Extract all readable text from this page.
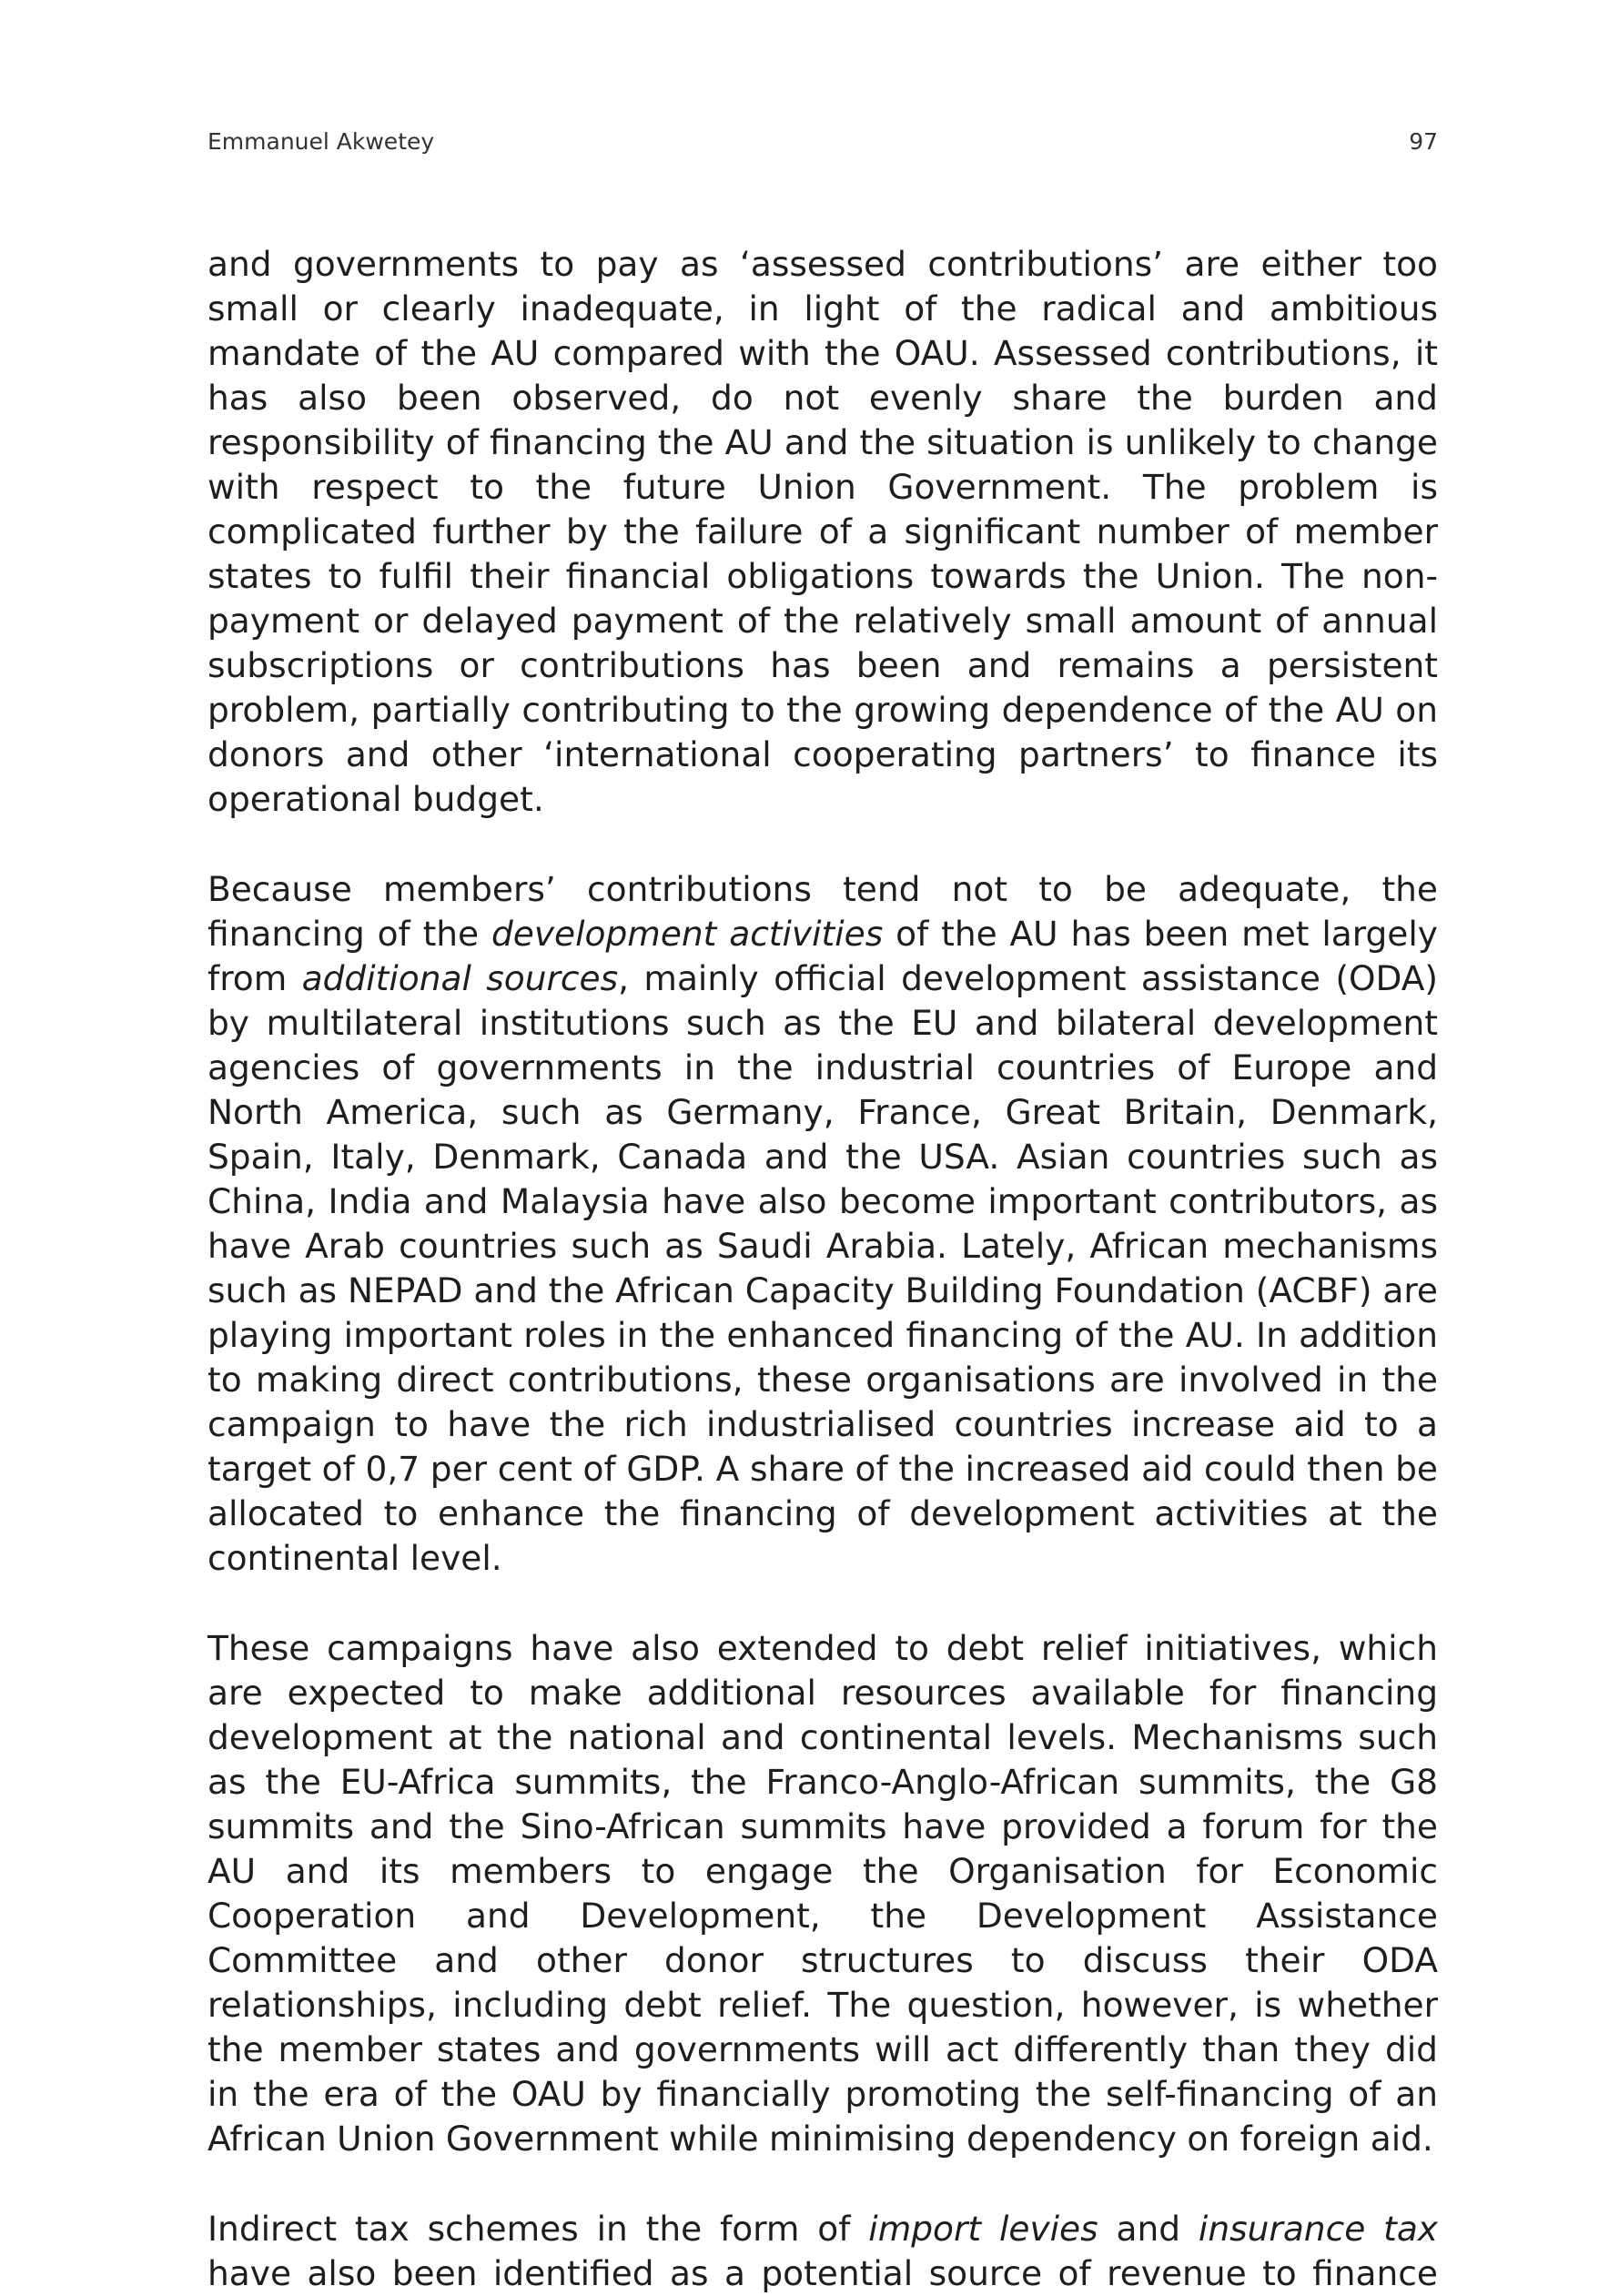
Emmanuel Akwetey	97

and governments to pay as ‘assessed contributions’ are either too small or clearly inadequate, in light of the radical and ambitious mandate of the AU compared with the OAU. Assessed contributions, it has also been observed, do not evenly share the burden and responsibility of financing the AU and the situation is unlikely to change with respect to the future Union Government. The problem is complicated further by the failure of a significant number of member states to fulfil their financial obligations towards the Union. The non-payment or delayed payment of the relatively small amount of annual subscriptions or contributions has been and remains a persistent problem, partially contributing to the growing dependence of the AU on donors and other ‘international cooperating partners’ to finance its operational budget.

Because members’ contributions tend not to be adequate, the financing of the development activities of the AU has been met largely from additional sources, mainly official development assistance (ODA) by multilateral institutions such as the EU and bilateral development agencies of governments in the industrial countries of Europe and North America, such as Germany, France, Great Britain, Denmark, Spain, Italy, Denmark, Canada and the USA. Asian countries such as China, India and Malaysia have also become important contributors, as have Arab countries such as Saudi Arabia. Lately, African mechanisms such as NEPAD and the African Capacity Building Foundation (ACBF) are playing important roles in the enhanced financing of the AU. In addition to making direct contributions, these organisations are involved in the campaign to have the rich industrialised countries increase aid to a target of 0,7 per cent of GDP. A share of the increased aid could then be allocated to enhance the financing of development activities at the continental level.

These campaigns have also extended to debt relief initiatives, which are expected to make additional resources available for financing development at the national and continental levels. Mechanisms such as the EU-Africa summits, the Franco-Anglo-African summits, the G8 summits and the Sino-African summits have provided a forum for the AU and its members to engage the Organisation for Economic Cooperation and Development, the Development Assistance Committee and other donor structures to discuss their ODA relationships, including debt relief. The question, however, is whether the member states and governments will act differently than they did in the era of the OAU by financially promoting the self-financing of an African Union Government while minimising dependency on foreign aid.

Indirect tax schemes in the form of import levies and insurance tax have also been identified as a potential source of revenue to finance
